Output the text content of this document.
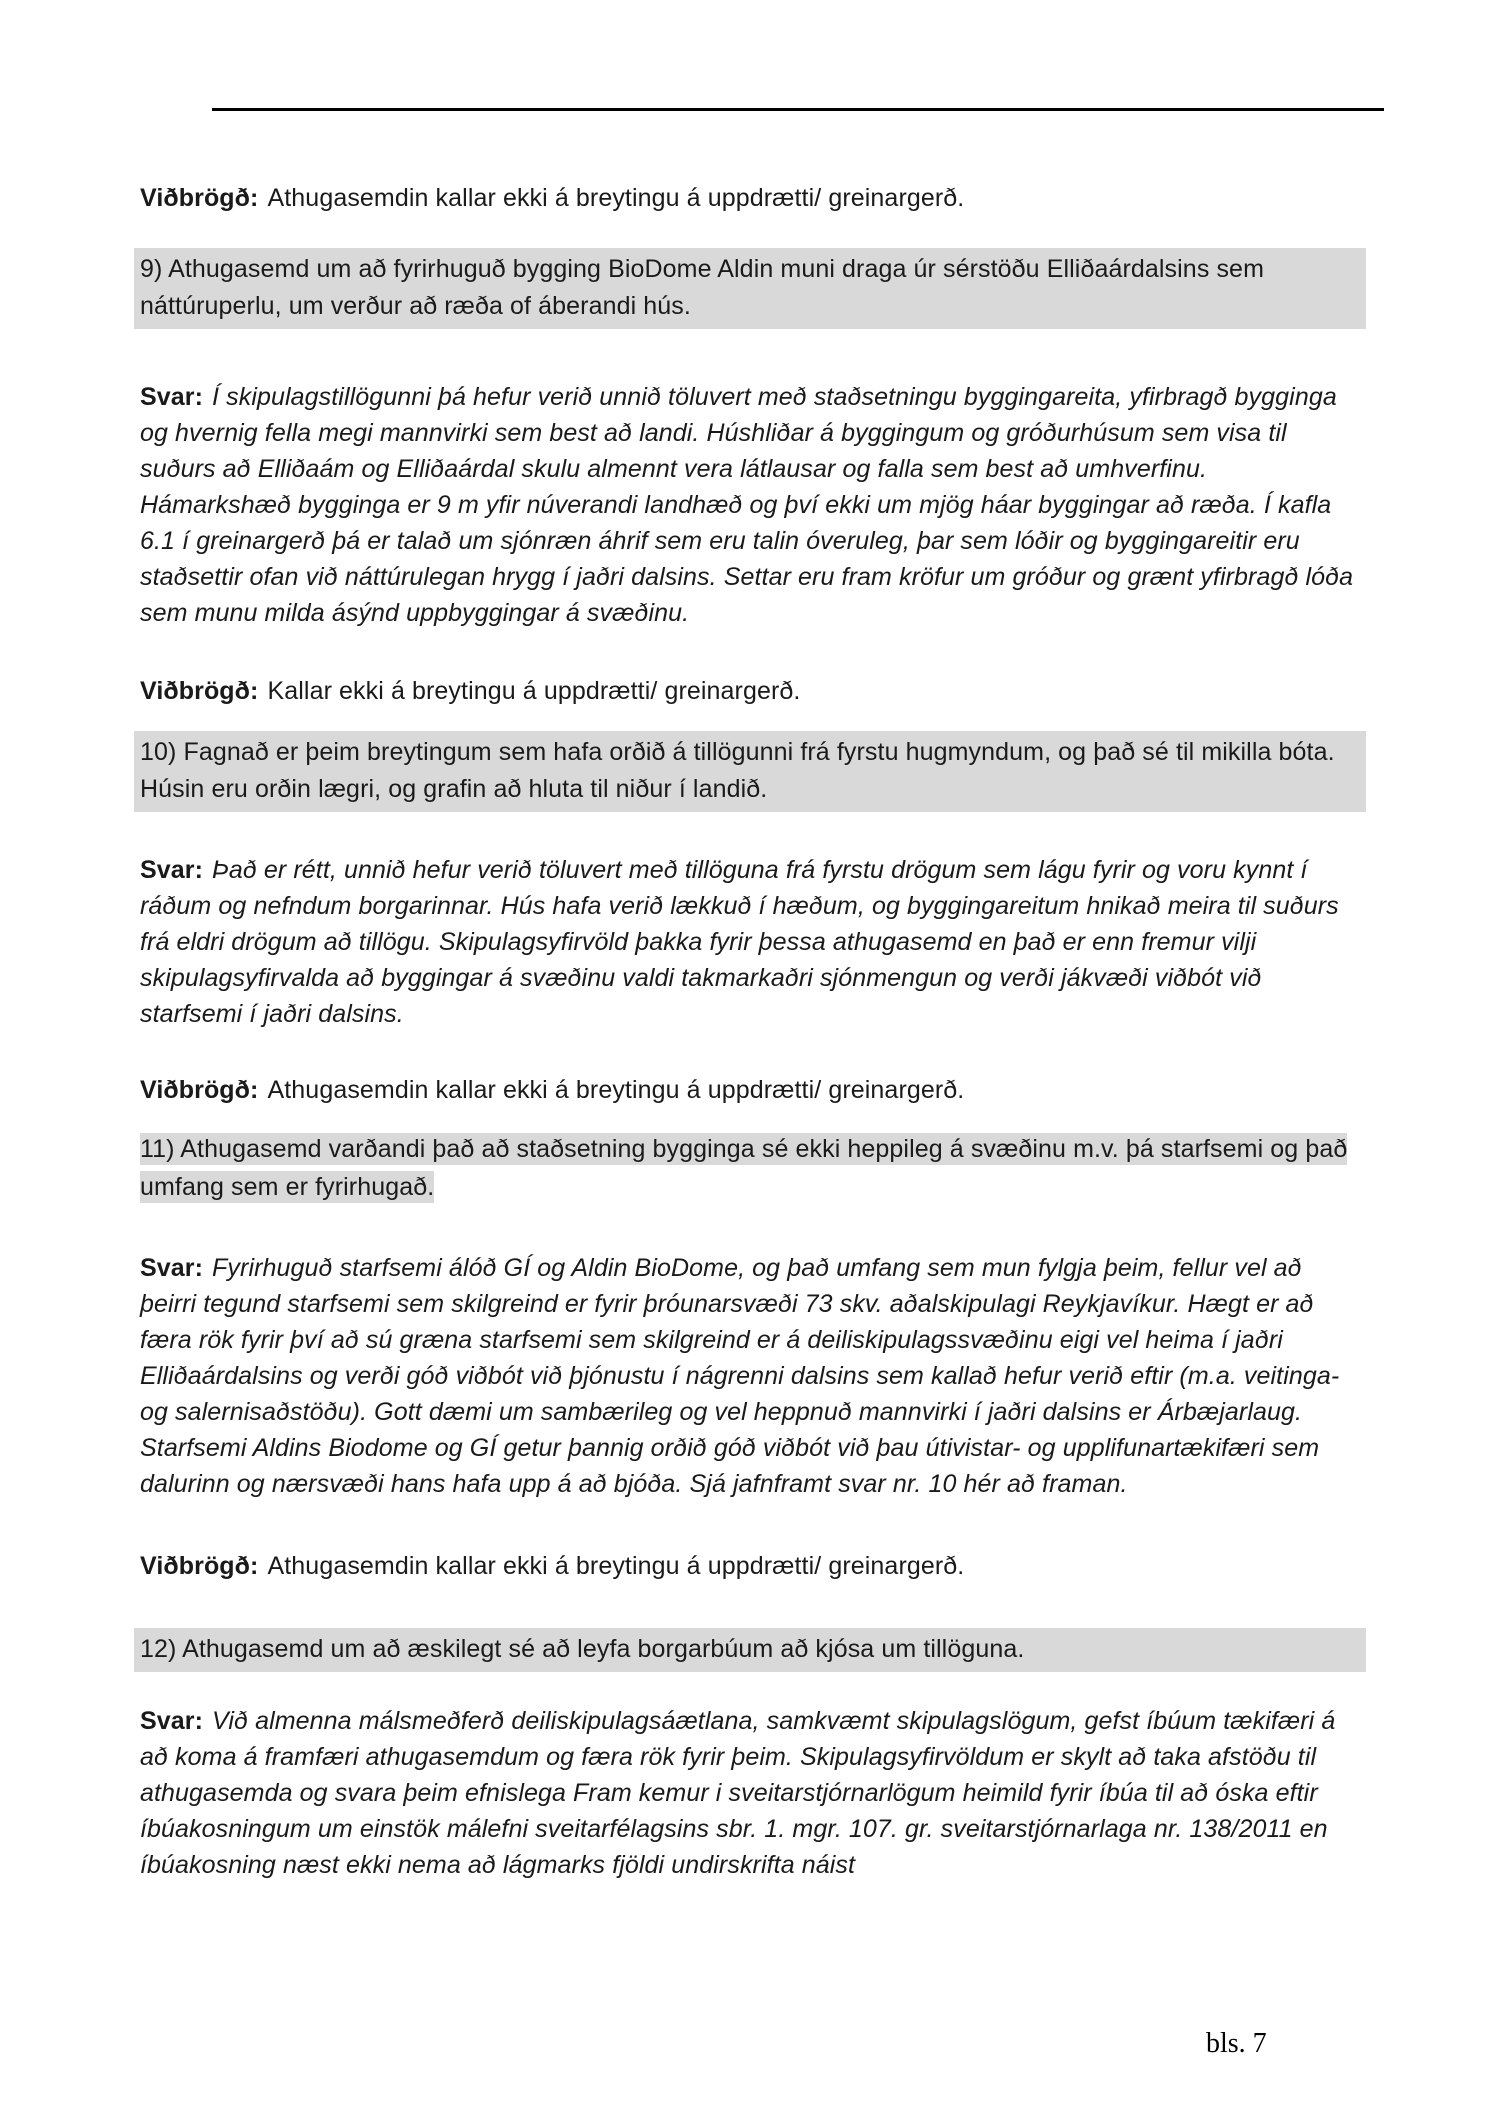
Viðbrögð: Athugasemdin kallar ekki á breytingu á uppdrætti/ greinargerð.

9) Athugasemd um að fyrirhuguð bygging BioDome Aldin muni draga úr sérstöðu Elliðaárdalsins sem náttúruperlu, um verður að ræða of áberandi hús.

Svar: Í skipulagstillögunni þá hefur verið unnið töluvert með staðsetningu byggingareita, yfirbragð bygginga og hvernig fella megi mannvirki sem best að landi. Húshliðar á byggingum og gróðurhúsum sem visa til suðurs að Elliðaám og Elliðaárdal skulu almennt vera látlausar og falla sem best að umhverfinu. Hámarkshæð bygginga er 9 m yfir núverandi landhæð og því ekki um mjög háar byggingar að ræða. Í kafla 6.1 í greinargerð þá er talað um sjónræn áhrif sem eru talin óveruleg, þar sem lóðir og byggingareitir eru staðsettir ofan við náttúrulegan hrygg í jaðri dalsins. Settar eru fram kröfur um gróður og grænt yfirbragð lóða sem munu milda ásýnd uppbyggingar á svæðinu.

Viðbrögð: Kallar ekki á breytingu á uppdrætti/ greinargerð.

10) Fagnað er þeim breytingum sem hafa orðið á tillögunni frá fyrstu hugmyndum, og það sé til mikilla bóta. Húsin eru orðin lægri, og grafin að hluta til niður í landið.

Svar: Það er rétt, unnið hefur verið töluvert með tillöguna frá fyrstu drögum sem lágu fyrir og voru kynnt í ráðum og nefndum borgarinnar. Hús hafa verið lækkuð í hæðum, og byggingareitum hnikað meira til suðurs frá eldri drögum að tillögu. Skipulagsyfirvöld þakka fyrir þessa athugasemd en það er enn fremur vilji skipulagsyfirvalda að byggingar á svæðinu valdi takmarkaðri sjónmengun og verði jákvæði viðbót við starfsemi í jaðri dalsins.

Viðbrögð: Athugasemdin kallar ekki á breytingu á uppdrætti/ greinargerð.

11) Athugasemd varðandi það að staðsetning bygginga sé ekki heppileg á svæðinu m.v. þá starfsemi og það umfang sem er fyrirhugað.

Svar: Fyrirhuguð starfsemi álóð GÍ og Aldin BioDome, og það umfang sem mun fylgja þeim, fellur vel að þeirri tegund starfsemi sem skilgreind er fyrir þróunarsvæði 73 skv. aðalskipulagi Reykjavíkur. Hægt er að færa rök fyrir því að sú græna starfsemi sem skilgreind er á deiliskipulagssvæðinu eigi vel heima í jaðri Elliðaárdalsins og verði góð viðbót við þjónustu í nágrenni dalsins sem kallað hefur verið eftir (m.a. veitinga- og salernisaðstöðu). Gott dæmi um sambærileg og vel heppnuð mannvirki í jaðri dalsins er Árbæjarlaug. Starfsemi Aldins Biodome og GÍ getur þannig orðið góð viðbót við þau útivistar- og upplifunartækifæri sem dalurinn og nærsvæði hans hafa upp á að bjóða. Sjá jafnframt svar nr. 10 hér að framan.

Viðbrögð: Athugasemdin kallar ekki á breytingu á uppdrætti/ greinargerð.

12) Athugasemd um að æskilegt sé að leyfa borgarbúum að kjósa um tillöguna.

Svar: Við almenna málsmeðferð deiliskipulagsáætlana, samkvæmt skipulagslögum, gefst íbúum tækifæri á að koma á framfæri athugasemdum og færa rök fyrir þeim. Skipulagsyfirvöldum er skylt að taka afstöðu til athugasemda og svara þeim efnislega Fram kemur i sveitarstjórnarlögum heimild fyrir íbúa til að óska eftir íbúakosningum um einstök málefni sveitarfélagsins sbr. 1. mgr. 107. gr. sveitarstjórnarlaga nr. 138/2011 en íbúakosning næst ekki nema að lágmarks fjöldi undirskrifta náist

bls. 7
